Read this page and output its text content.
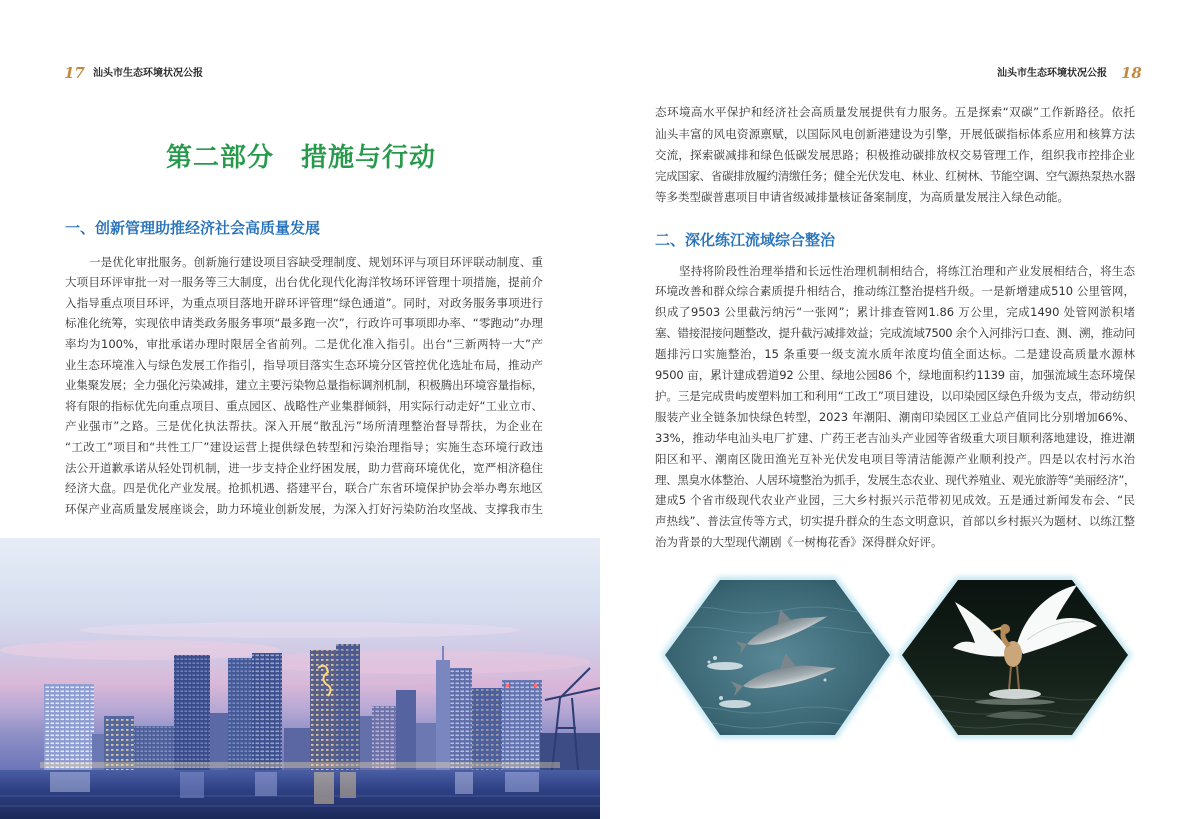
17 汕头市生态环境状况公报
第二部分　措施与行动
一、创新管理助推经济社会高质量发展
一是优化审批服务。创新施行建设项目容缺受理制度、规划环评与项目环评联动制度、重
大项目环评审批一对一服务等三大制度，出台优化现代化海洋牧场环评管理十项措施，提前介
入指导重点项目环评，为重点项目落地开辟环评管理“绿色通道”。同时，对政务服务事项进行
标准化统筹，实现依申请类政务服务事项“最多跑一次”，行政许可事项即办率、“零跑动”办理
率均为100%，审批承诺办理时限居全省前列。二是优化准入指引。出台“三新两特一大”产
业生态环境准入与绿色发展工作指引，指导项目落实生态环境分区管控优化选址布局，推动产
业集聚发展；全力强化污染减排，建立主要污染物总量指标调剂机制，积极腾出环境容量指标，
将有限的指标优先向重点项目、重点园区、战略性产业集群倾斜，用实际行动走好“工业立市、
产业强市”之路。三是优化执法帮扶。深入开展“散乱污”场所清理整治督导帮扶，为企业在
“工改工”项目和“共性工厂”建设运营上提供绿色转型和污染治理指导；实施生态环境行政违
法公开道歉承诺从轻处罚机制，进一步支持企业纾困发展，助力营商环境优化，宽严相济稳住
经济大盘。四是优化产业发展。抢抓机遇、搭建平台，联合广东省环境保护协会举办粤东地区
环保产业高质量发展座谈会，助力环境业创新发展，为深入打好污染防治攻坚战、支撑我市生
汕头市生态环境状况公报 18
态环境高水平保护和经济社会高质量发展提供有力服务。五是探索“双碳”工作新路径。依托
汕头丰富的风电资源禀赋，以国际风电创新港建设为引擎，开展低碳指标体系应用和核算方法
交流，探索碳减排和绿色低碳发展思路；积极推动碳排放权交易管理工作，组织我市控排企业
完成国家、省碳排放履约清缴任务；健全光伏发电、林业、红树林、节能空调、空气源热泵热水器
等多类型碳普惠项目申请省级减排量核证备案制度，为高质量发展注入绿色动能。
二、深化练江流域综合整治
坚持将阶段性治理举措和长远性治理机制相结合，将练江治理和产业发展相结合，将生态
环境改善和群众综合素质提升相结合，推动练江整治提档升级。一是新增建成510 公里管网，
织成了9503 公里截污纳污“一张网”；累计排查管网1.86 万公里，完成1490 处管网淤积堵
塞、错接混接问题整改，提升截污减排效益；完成流域7500 余个入河排污口查、测、溯，推动问
题排污口实施整治，15 条重要一级支流水质年浓度均值全面达标。二是建设高质量水源林
9500 亩，累计建成碧道92 公里、绿地公园86 个，绿地面积约1139 亩，加强流域生态环境保
护。三是完成贵屿废塑料加工和利用“工改工”项目建设，以印染园区绿色升级为支点，带动纺织
服装产业全链条加快绿色转型，2023 年潮阳、潮南印染园区工业总产值同比分别增加66%、
33%，推动华电汕头电厂扩建、广药王老吉汕头产业园等省级重大项目顺利落地建设，推进潮
阳区和平、潮南区陇田渔光互补光伏发电项目等清洁能源产业顺利投产。四是以农村污水治
理、黑臭水体整治、人居环境整治为抓手，发展生态农业、现代养殖业、观光旅游等“美丽经济”，
建成5 个省市级现代农业产业园，三大乡村振兴示范带初见成效。五是通过新闻发布会、“民
声热线”、普法宣传等方式，切实提升群众的生态文明意识，首部以乡村振兴为题材、以练江整
治为背景的大型现代潮剧《一树梅花香》深得群众好评。
